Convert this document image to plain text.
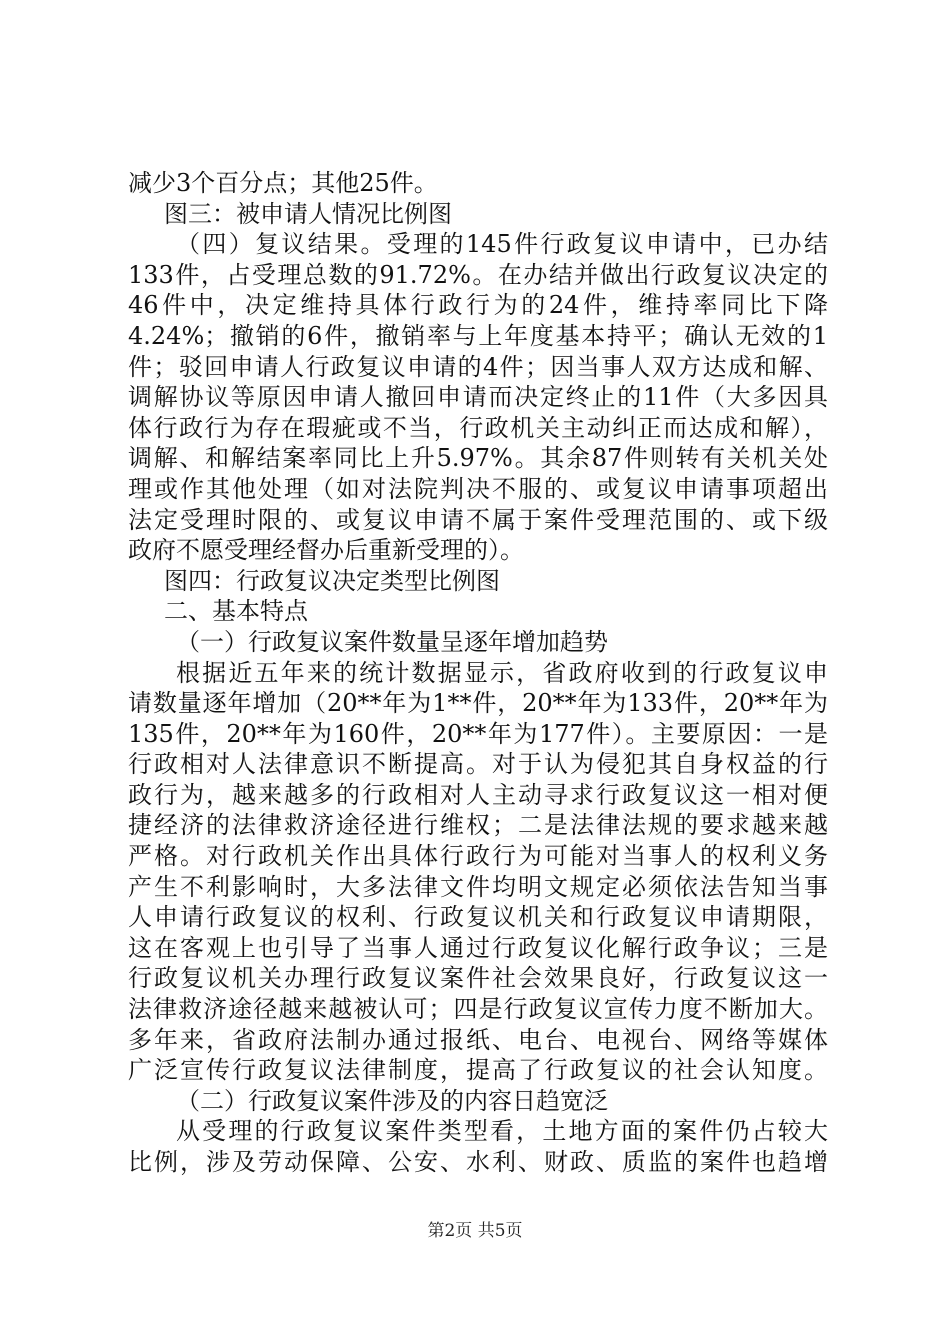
减少3个百分点；其他25件。
图三：被申请人情况比例图
（四）复议结果。受理的145件行政复议申请中，已办结
133件，占受理总数的91.72%。在办结并做出行政复议决定的
46件中，决定维持具体行政行为的24件，维持率同比下降
4.24%；撤销的6件，撤销率与上年度基本持平；确认无效的1
件；驳回申请人行政复议申请的4件；因当事人双方达成和解、
调解协议等原因申请人撤回申请而决定终止的11件（大多因具
体行政行为存在瑕疵或不当，行政机关主动纠正而达成和解），
调解、和解结案率同比上升5.97%。其余87件则转有关机关处
理或作其他处理（如对法院判决不服的、或复议申请事项超出
法定受理时限的、或复议申请不属于案件受理范围的、或下级
政府不愿受理经督办后重新受理的）。
图四：行政复议决定类型比例图
二、基本特点
（一）行政复议案件数量呈逐年增加趋势
根据近五年来的统计数据显示，省政府收到的行政复议申
请数量逐年增加（20**年为1**件，20**年为133件，20**年为
135件，20**年为160件，20**年为177件）。主要原因：一是
行政相对人法律意识不断提高。对于认为侵犯其自身权益的行
政行为，越来越多的行政相对人主动寻求行政复议这一相对便
捷经济的法律救济途径进行维权；二是法律法规的要求越来越
严格。对行政机关作出具体行政行为可能对当事人的权利义务
产生不利影响时，大多法律文件均明文规定必须依法告知当事
人申请行政复议的权利、行政复议机关和行政复议申请期限，
这在客观上也引导了当事人通过行政复议化解行政争议；三是
行政复议机关办理行政复议案件社会效果良好，行政复议这一
法律救济途径越来越被认可；四是行政复议宣传力度不断加大。
多年来，省政府法制办通过报纸、电台、电视台、网络等媒体
广泛宣传行政复议法律制度，提高了行政复议的社会认知度。
（二）行政复议案件涉及的内容日趋宽泛
从受理的行政复议案件类型看，土地方面的案件仍占较大
比例，涉及劳动保障、公安、水利、财政、质监的案件也趋增
第2页 共5页
